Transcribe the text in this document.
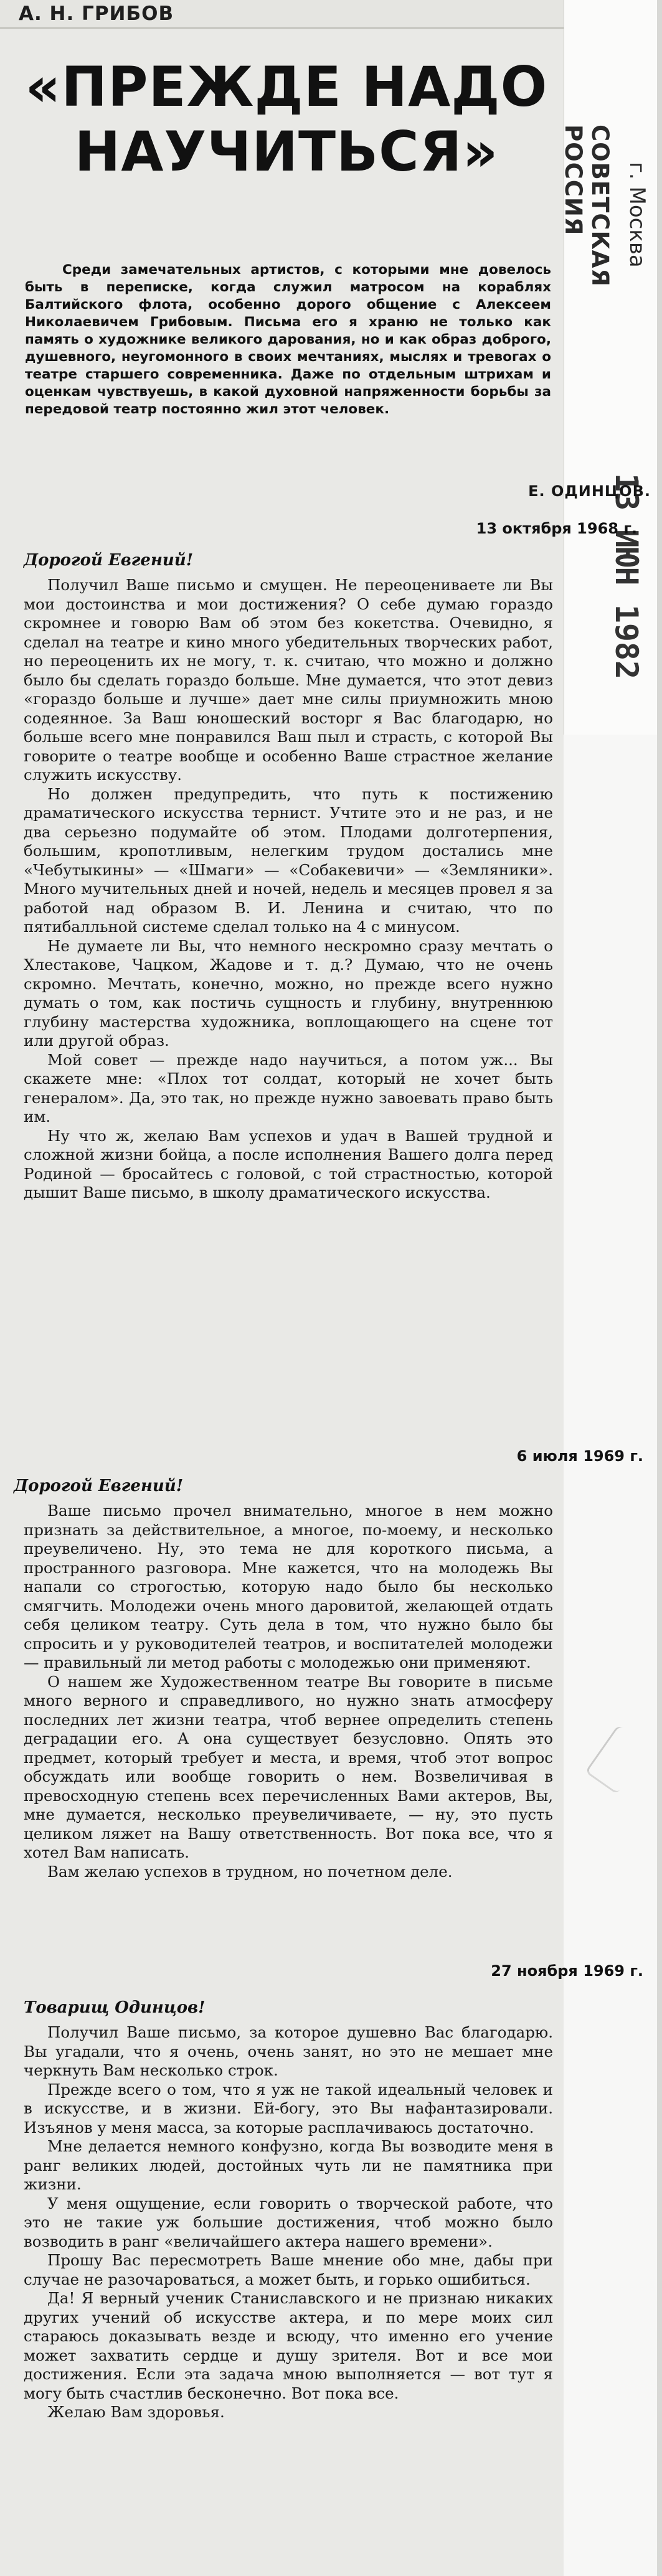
СОВЕТСКАЯ РОССИЯ	г. Москва
13 ИЮН 1982
А. Н. ГРИБОВ
«ПРЕЖДЕ НАДО
НАУЧИТЬСЯ»
Среди замечательных артистов, с которыми мне довелось быть в переписке, когда служил матросом на кораблях Балтийского флота, особенно дорого общение с Алексеем Николаевичем Грибовым. Письма его я храню не только как память о художнике великого дарования, но и как образ доброго, душевного, неугомонного в своих мечтаниях, мыслях и тревогах о театре старшего современника. Даже по отдельным штрихам и оценкам чувствуешь, в какой духовной напряженности борьбы за передовой театр постоянно жил этот человек.
Е. ОДИНЦОВ.
13 октября 1968 г.
Дорогой Евгений!

Получил Ваше письмо и смущен. Не переоцениваете ли Вы мои достоинства и мои достижения? О себе думаю гораздо скромнее и говорю Вам об этом без кокетства. Очевидно, я сделал на театре и кино много убедительных творческих работ, но переоценить их не могу, т. к. считаю, что можно и должно было бы сделать гораздо больше. Мне думается, что этот девиз «гораздо больше и лучше» дает мне силы приумножить мною содеянное. За Ваш юношеский восторг я Вас благодарю, но больше всего мне понравился Ваш пыл и страсть, с которой Вы говорите о театре вообще и особенно Ваше страстное желание служить искусству.

Но должен предупредить, что путь к постижению драматического искусства тернист. Учтите это и не раз, и не два серьезно подумайте об этом. Плодами долготерпения, большим, кропотливым, нелегким трудом достались мне «Чебутыкины» — «Шмаги» — «Собакевичи» — «Земляники». Много мучительных дней и ночей, недель и месяцев провел я за работой над образом В. И. Ленина и считаю, что по пятибалльной системе сделал только на 4 с минусом.

Не думаете ли Вы, что немного нескромно сразу мечтать о Хлестакове, Чацком, Жадове и т. д.? Думаю, что не очень скромно. Мечтать, конечно, можно, но прежде всего нужно думать о том, как постичь сущность и глубину, внутреннюю глубину мастерства художника, воплощающего на сцене тот или другой образ.

Мой совет — прежде надо научиться, а потом уж... Вы скажете мне: «Плох тот солдат, который не хочет быть генералом». Да, это так, но прежде нужно завоевать право быть им.

Ну что ж, желаю Вам успехов и удач в Вашей трудной и сложной жизни бойца, а после исполнения Вашего долга перед Родиной — бросайтесь с головой, с той страстностью, которой дышит Ваше письмо, в школу драматического искусства.

6 июля 1969 г.
Дорогой Евгений!

Ваше письмо прочел внимательно, многое в нем можно признать за действительное, а многое, по-моему, и несколько преувеличено. Ну, это тема не для короткого письма, а пространного разговора. Мне кажется, что на молодежь Вы напали со строгостью, которую надо было бы несколько смягчить. Молодежи очень много даровитой, желающей отдать себя целиком театру. Суть дела в том, что нужно было бы спросить и у руководителей театров, и воспитателей молодежи — правильный ли метод работы с молодежью они применяют.

О нашем же Художественном театре Вы говорите в письме много верного и справедливого, но нужно знать атмосферу последних лет жизни театра, чтоб вернее определить степень деградации его. А она существует безусловно. Опять это предмет, который требует и места, и время, чтоб этот вопрос обсуждать или вообще говорить о нем. Возвеличивая в превосходную степень всех перечисленных Вами актеров, Вы, мне думается, несколько преувеличиваете, — ну, это пусть целиком ляжет на Вашу ответственность. Вот пока все, что я хотел Вам написать.

Вам желаю успехов в трудном, но почетном деле.

27 ноября 1969 г.
Товарищ Одинцов!

Получил Ваше письмо, за которое душевно Вас благодарю. Вы угадали, что я очень, очень занят, но это не мешает мне черкнуть Вам несколько строк.

Прежде всего о том, что я уж не такой идеальный человек и в искусстве, и в жизни. Ей-богу, это Вы нафантазировали. Изъянов у меня масса, за которые расплачиваюсь достаточно.

Мне делается немного конфузно, когда Вы возводите меня в ранг великих людей, достойных чуть ли не памятника при жизни.

У меня ощущение, если говорить о творческой работе, что это не такие уж большие достижения, чтоб можно было возводить в ранг «величайшего актера нашего времени».

Прошу Вас пересмотреть Ваше мнение обо мне, дабы при случае не разочароваться, а может быть, и горько ошибиться.

Да! Я верный ученик Станиславского и не признаю никаких других учений об искусстве актера, и по мере моих сил стараюсь доказывать везде и всюду, что именно его учение может захватить сердце и душу зрителя. Вот и все мои достижения. Если эта задача мною выполняется — вот тут я могу быть счастлив бесконечно. Вот пока все.

Желаю Вам здоровья.
